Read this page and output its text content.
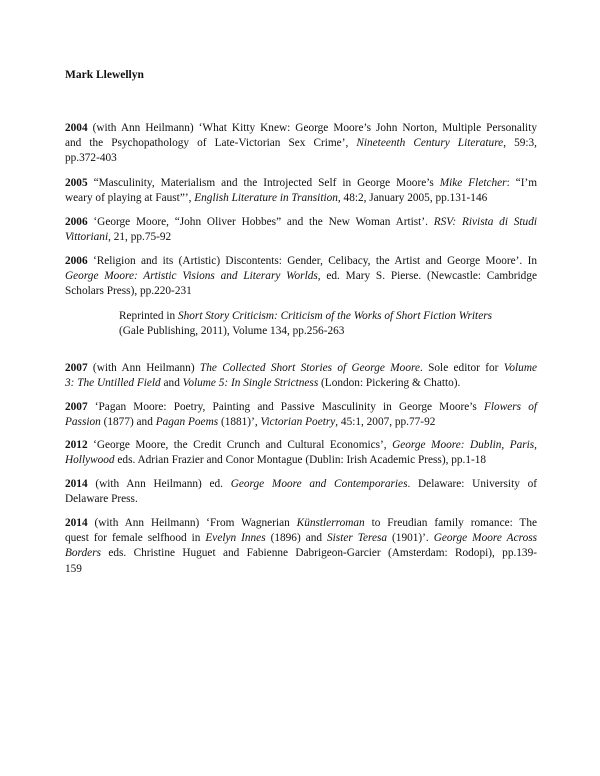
Mark Llewellyn
2004 (with Ann Heilmann) ‘What Kitty Knew: George Moore’s John Norton, Multiple Personality
and the Psychopathology of Late-Victorian Sex Crime’, Nineteenth Century Literature, 59:3,
pp.372-403
2005 “Masculinity, Materialism and the Introjected Self in George Moore’s Mike Fletcher: “I’m
weary of playing at Faust”’, English Literature in Transition, 48:2, January 2005, pp.131-146
2006 ‘George Moore, “John Oliver Hobbes” and the New Woman Artist’. RSV: Rivista di Studi
Vittoriani, 21, pp.75-92
2006 ‘Religion and its (Artistic) Discontents: Gender, Celibacy, the Artist and George Moore’. In
George Moore: Artistic Visions and Literary Worlds, ed. Mary S. Pierse. (Newcastle: Cambridge
Scholars Press), pp.220-231
Reprinted in Short Story Criticism: Criticism of the Works of Short Fiction Writers
(Gale Publishing, 2011), Volume 134, pp.256-263
2007 (with Ann Heilmann) The Collected Short Stories of George Moore. Sole editor for Volume
3: The Untilled Field and Volume 5: In Single Strictness (London: Pickering & Chatto).
2007 ‘Pagan Moore: Poetry, Painting and Passive Masculinity in George Moore’s Flowers of
Passion (1877) and Pagan Poems (1881)’, Victorian Poetry, 45:1, 2007, pp.77-92
2012 ‘George Moore, the Credit Crunch and Cultural Economics’, George Moore: Dublin, Paris,
Hollywood eds. Adrian Frazier and Conor Montague (Dublin: Irish Academic Press), pp.1-18
2014 (with Ann Heilmann) ed. George Moore and Contemporaries. Delaware: University of
Delaware Press.
2014 (with Ann Heilmann) ‘From Wagnerian Künstlerroman to Freudian family romance: The
quest for female selfhood in Evelyn Innes (1896) and Sister Teresa (1901)’. George Moore Across
Borders eds. Christine Huguet and Fabienne Dabrigeon-Garcier (Amsterdam: Rodopi), pp.139-
159
